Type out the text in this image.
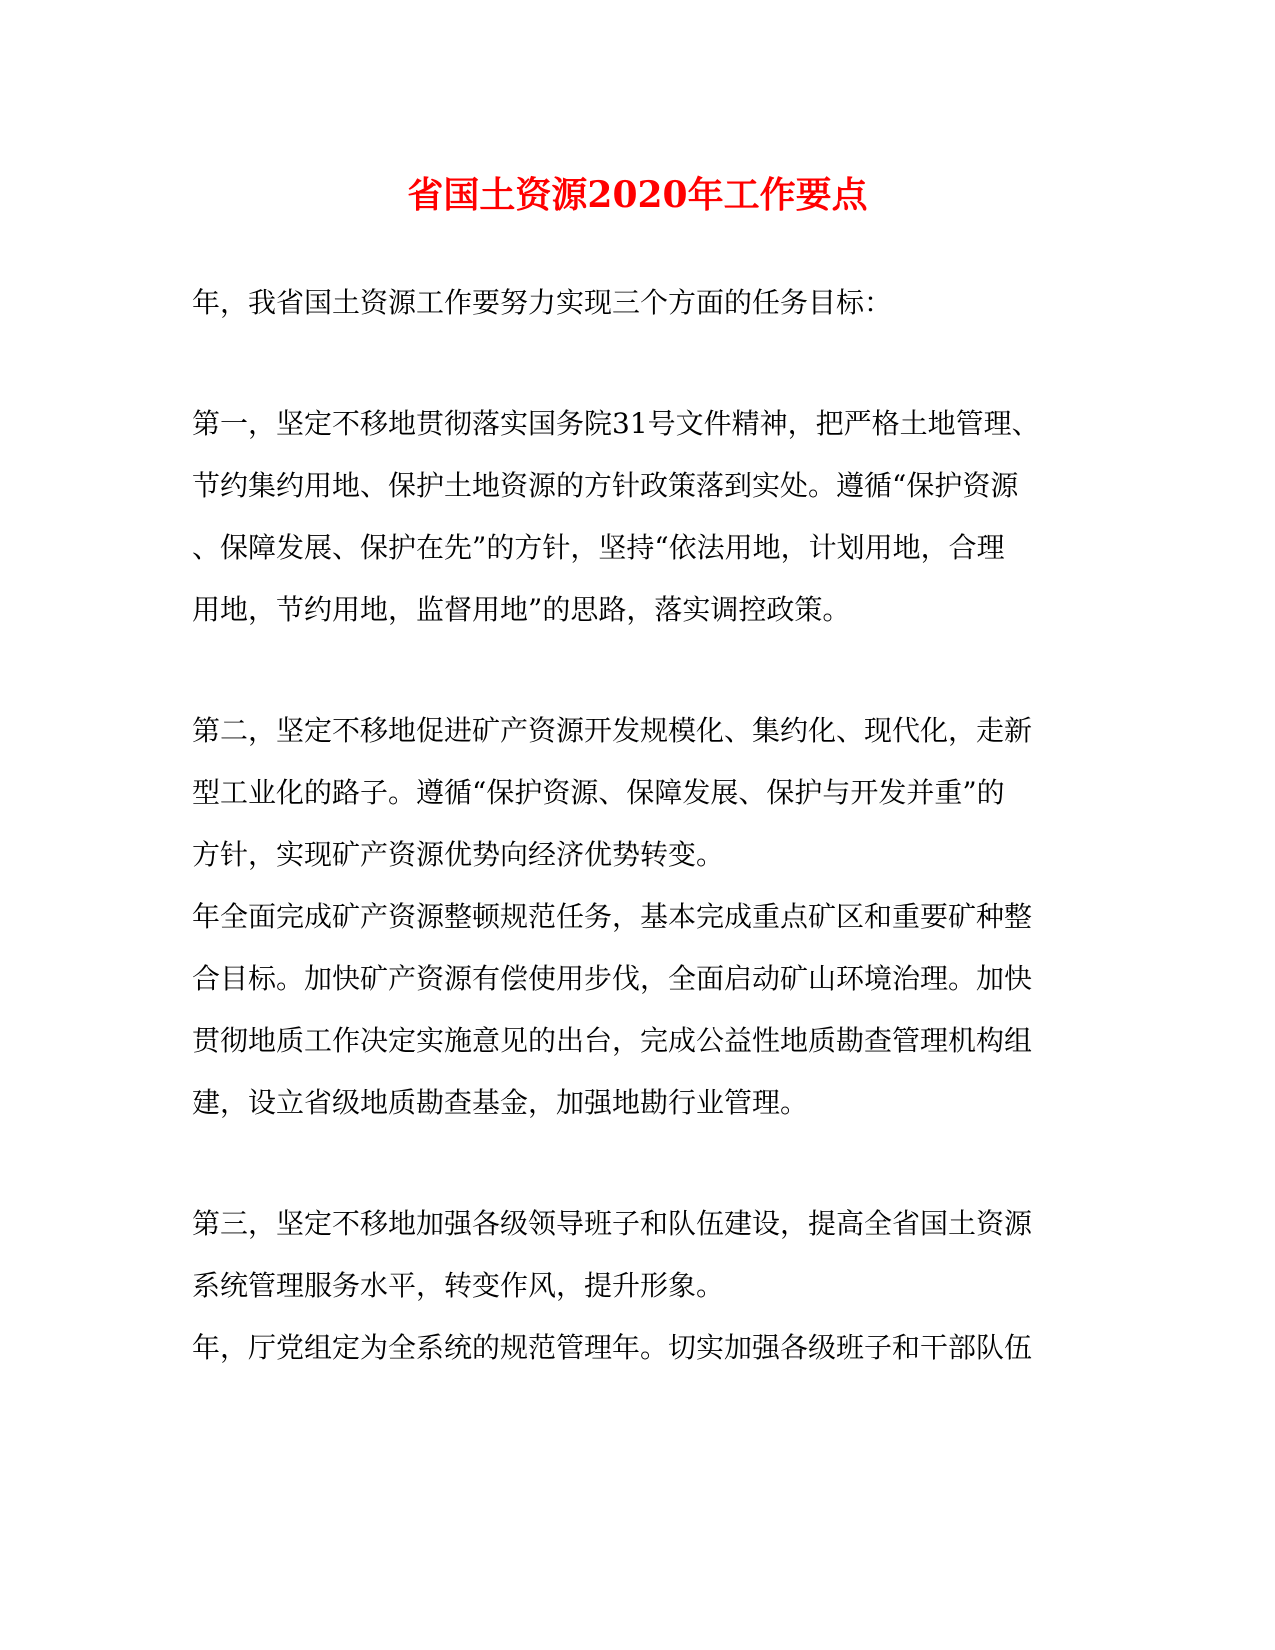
省国土资源2020年工作要点

年，我省国土资源工作要努力实现三个方面的任务目标：

第一，坚定不移地贯彻落实国务院31号文件精神，把严格土地管理、

节约集约用地、保护土地资源的方针政策落到实处。遵循“保护资源

、保障发展、保护在先”的方针，坚持“依法用地，计划用地，合理

用地，节约用地，监督用地”的思路，落实调控政策。

第二，坚定不移地促进矿产资源开发规模化、集约化、现代化，走新

型工业化的路子。遵循“保护资源、保障发展、保护与开发并重”的

方针，实现矿产资源优势向经济优势转变。

年全面完成矿产资源整顿规范任务，基本完成重点矿区和重要矿种整

合目标。加快矿产资源有偿使用步伐，全面启动矿山环境治理。加快

贯彻地质工作决定实施意见的出台，完成公益性地质勘查管理机构组

建，设立省级地质勘查基金，加强地勘行业管理。

第三，坚定不移地加强各级领导班子和队伍建设，提高全省国土资源

系统管理服务水平，转变作风，提升形象。

年，厅党组定为全系统的规范管理年。切实加强各级班子和干部队伍
